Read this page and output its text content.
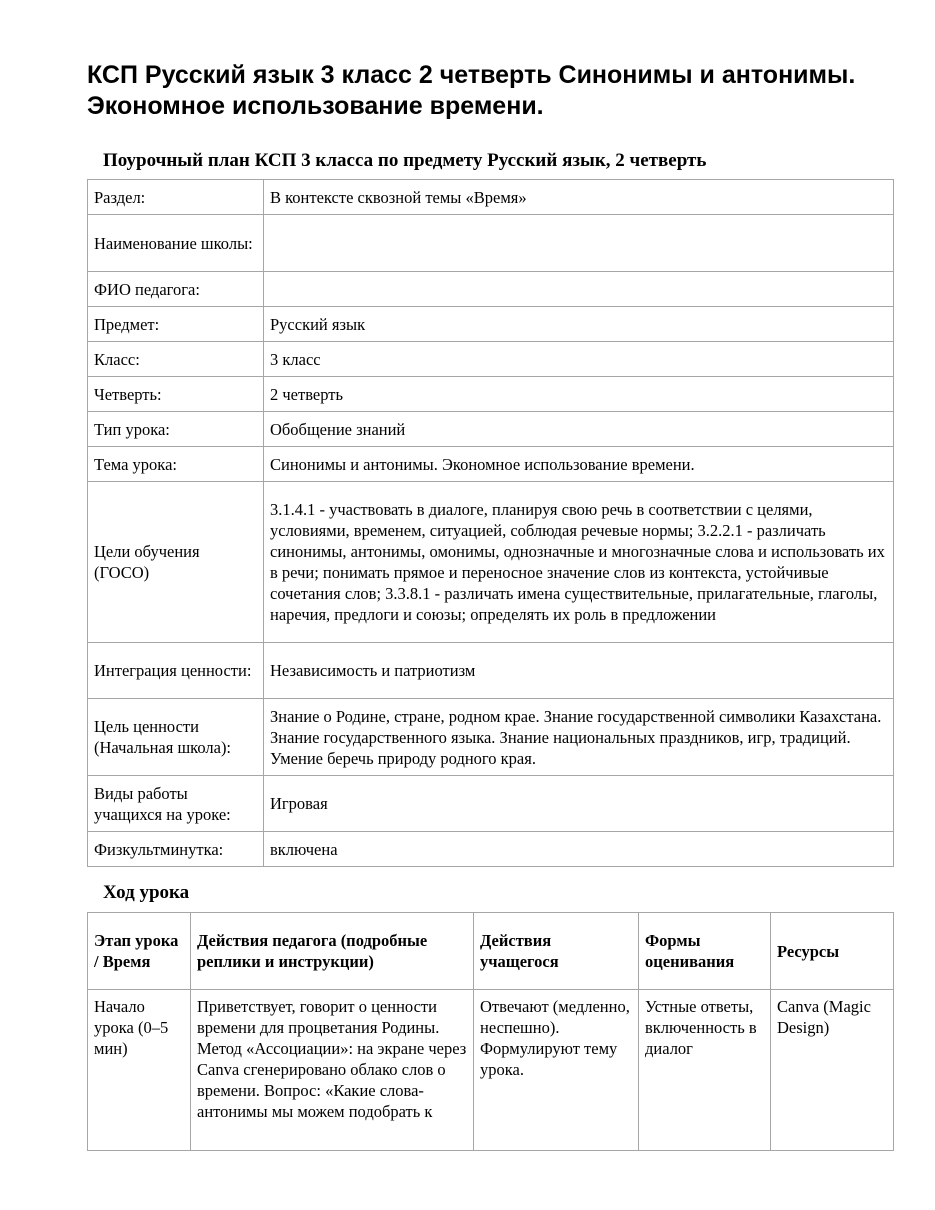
КСП Русский язык 3 класс 2 четверть Синонимы и антонимы. Экономное использование времени.
Поурочный план КСП 3 класса по предмету Русский язык, 2 четверть
Раздел:	В контексте сквозной темы «Время»
Наименование школы:	
ФИО педагога:	
Предмет:	Русский язык
Класс:	3 класс
Четверть:	2 четверть
Тип урока:	Обобщение знаний
Тема урока:	Синонимы и антонимы. Экономное использование времени.
Цели обучения (ГОСО)	3.1.4.1 - участвовать в диалоге, планируя свою речь в соответствии с целями, условиями, временем, ситуацией, соблюдая речевые нормы; 3.2.2.1 - различать синонимы, антонимы, омонимы, однозначные и многозначные слова и использовать их в речи; понимать прямое и переносное значение слов из контекста, устойчивые сочетания слов; 3.3.8.1 - различать имена существительные, прилагательные, глаголы, наречия, предлоги и союзы; определять их роль в предложении
Интеграция ценности:	Независимость и патриотизм
Цель ценности (Начальная школа):	Знание о Родине, стране, родном крае. Знание государственной символики Казахстана. Знание государственного языка. Знание национальных праздников, игр, традиций. Умение беречь природу родного края.
Виды работы учащихся на уроке:	Игровая
Физкультминутка:	включена
Ход урока
Этап урока / Время	Действия педагога (подробные реплики и инструкции)	Действия учащегося	Формы оценивания	Ресурсы
Начало урока (0–5 мин)	Приветствует, говорит о ценности времени для процветания Родины. Метод «Ассоциации»: на экране через Canva сгенерировано облако слов о времени. Вопрос: «Какие слова-антонимы мы можем подобрать к	Отвечают (медленно, неспешно). Формулируют тему урока.	Устные ответы, включенность в диалог	Canva (Magic Design)
